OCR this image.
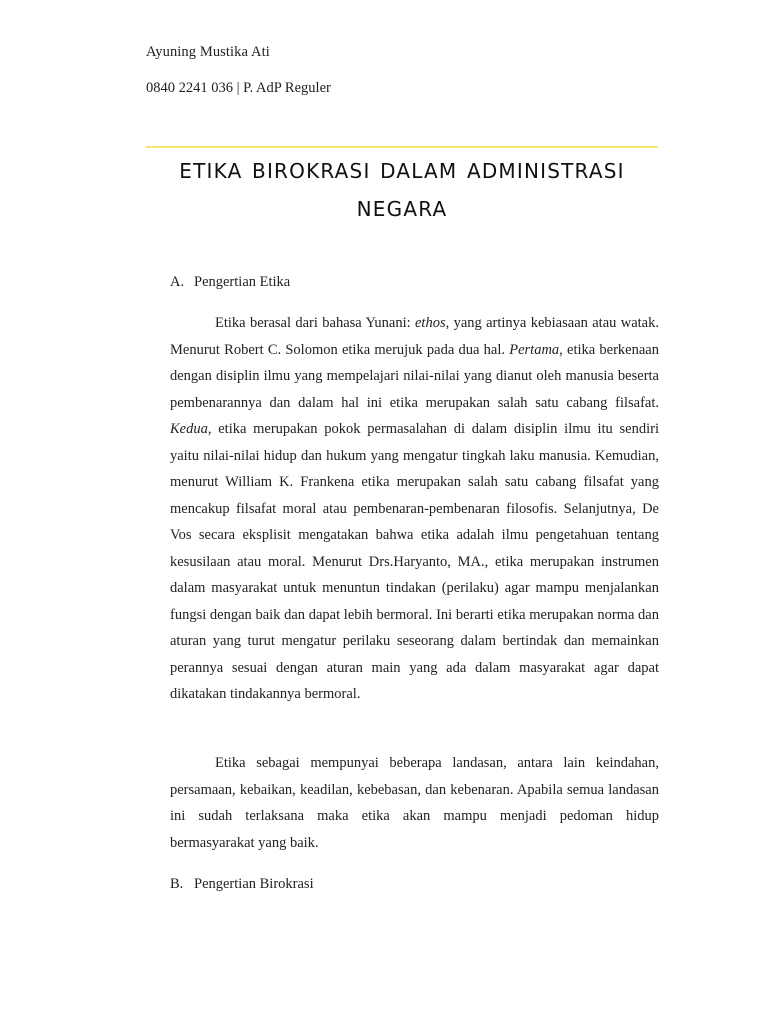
Ayuning Mustika Ati
0840 2241 036 | P. AdP Reguler
ETIKA BIROKRASI DALAM ADMINISTRASI
NEGARA
A. Pengertian Etika

Etika berasal dari bahasa Yunani: ethos, yang artinya kebiasaan atau watak. Menurut Robert C. Solomon etika merujuk pada dua hal. Pertama, etika berkenaan dengan disiplin ilmu yang mempelajari nilai-nilai yang dianut oleh manusia beserta pembenarannya dan dalam hal ini etika merupakan salah satu cabang filsafat. Kedua, etika merupakan pokok permasalahan di dalam disiplin ilmu itu sendiri yaitu nilai-nilai hidup dan hukum yang mengatur tingkah laku manusia. Kemudian, menurut William K. Frankena etika merupakan salah satu cabang filsafat yang mencakup filsafat moral atau pembenaran-pembenaran filosofis. Selanjutnya, De Vos secara eksplisit mengatakan bahwa etika adalah ilmu pengetahuan tentang kesusilaan atau moral. Menurut Drs.Haryanto, MA., etika merupakan instrumen dalam masyarakat untuk menuntun tindakan (perilaku) agar mampu menjalankan fungsi dengan baik dan dapat lebih bermoral. Ini berarti etika merupakan norma dan aturan yang turut mengatur perilaku seseorang dalam bertindak dan memainkan perannya sesuai dengan aturan main yang ada dalam masyarakat agar dapat dikatakan tindakannya bermoral.

Etika sebagai mempunyai beberapa landasan, antara lain keindahan, persamaan, kebaikan, keadilan, kebebasan, dan kebenaran. Apabila semua landasan ini sudah terlaksana maka etika akan mampu menjadi pedoman hidup bermasyarakat yang baik.

B. Pengertian Birokrasi
